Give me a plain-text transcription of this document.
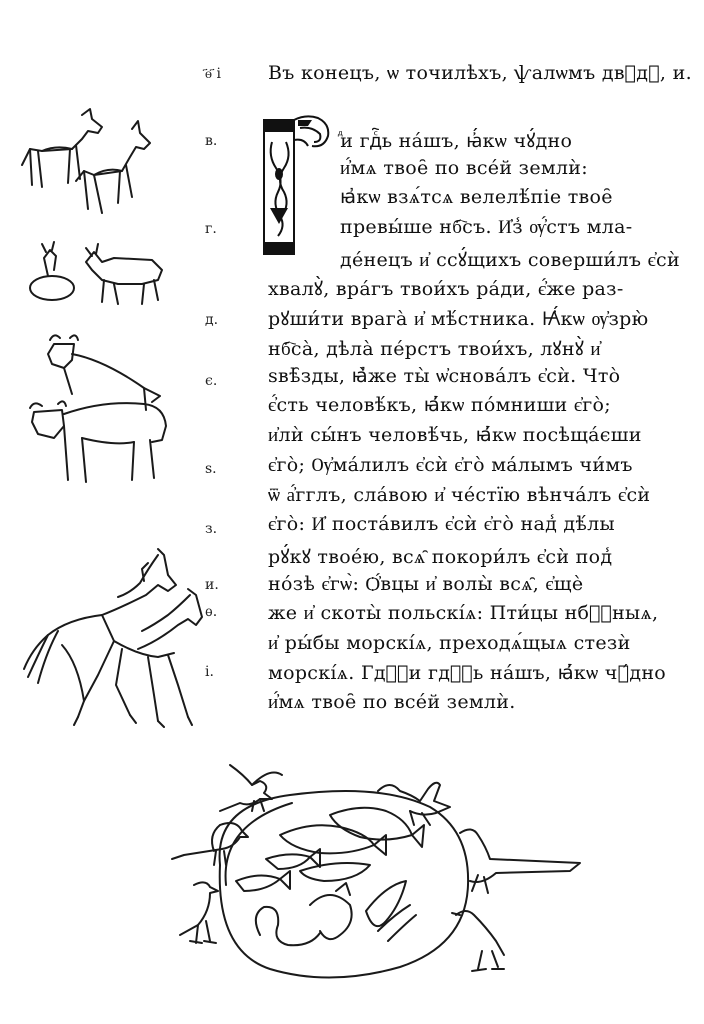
҃ѳ҃ і	Въ конецъ, ѡ точилѣхъ, ѱалѡмъ двⷣдꙋ, и.
в.
г.
д.
є.
ѕ.
з.
и.
ѳ.
і.
ⷣи гдⷭ҇ь на́шъ, ꙗ҆́кѡ чꙋ́дно
и҆́мѧ твое̑ по все́й землѝ:
ꙗ҆кѡ взѧ́тсѧ велелѣ́піе твое̑
превы́ше нб҇съ. И҆з̾ ѹ҆́стъ мла-
де́нецъ и҆ ссꙋ́щихъ соверши́лъ є҆сѝ
хвалꙋ̀, вра́гъ твои́хъ ра́ди, є҆́же раз-
рꙋши́ти врага̀ и҆ мѣ́стника. Ꙗ҆́кѡ ѹ҆зрю̀
нб҇са̀, дѣла̀ пе́рстъ твои́хъ, лꙋнꙋ̀ и҆
ѕвѣ̑зды, ꙗ҆̀же ты̀ ѡ҆снова́лъ є҆сѝ. Что̀
є҆́сть человѣ́къ, ꙗ҆́кѡ по́мниши є҆го̀;
и҆лѝ сы́нъ человѣ́чь, ꙗ҆́кѡ посѣща́єши
є҆го̀; Ѹ҆ма́лилъ є҆сѝ є҆го̀ ма́лымъ чи́мъ
ѿ а҆́гглъ, сла́вою и҆ че́стїю вѣнча́лъ є҆сѝ
є҆го̀: И҆ поста́вилъ є҆сѝ є҆го̀ над̾ дѣ́лы
рꙋ́кꙋ твое́ю, всѧ̑ покори́лъ є҆сѝ под̾
но́зѣ є҆гѡ̀: Ѻ҆́вцы и҆ волы̀ всѧ̑, є҆щѐ
же и҆ скоты̀ польскі́ѧ: Пти́цы нбⷭ҇ныѧ,
и҆ ры́бы морскі́ѧ, преходѧ́щыѧ стезѝ
морскі́ѧ. Гдⷭ҇и гдⷭ҇ь на́шъ, ꙗ҆́кѡ чꙋ́дно
и҆́мѧ твое̑ по все́й землѝ.
